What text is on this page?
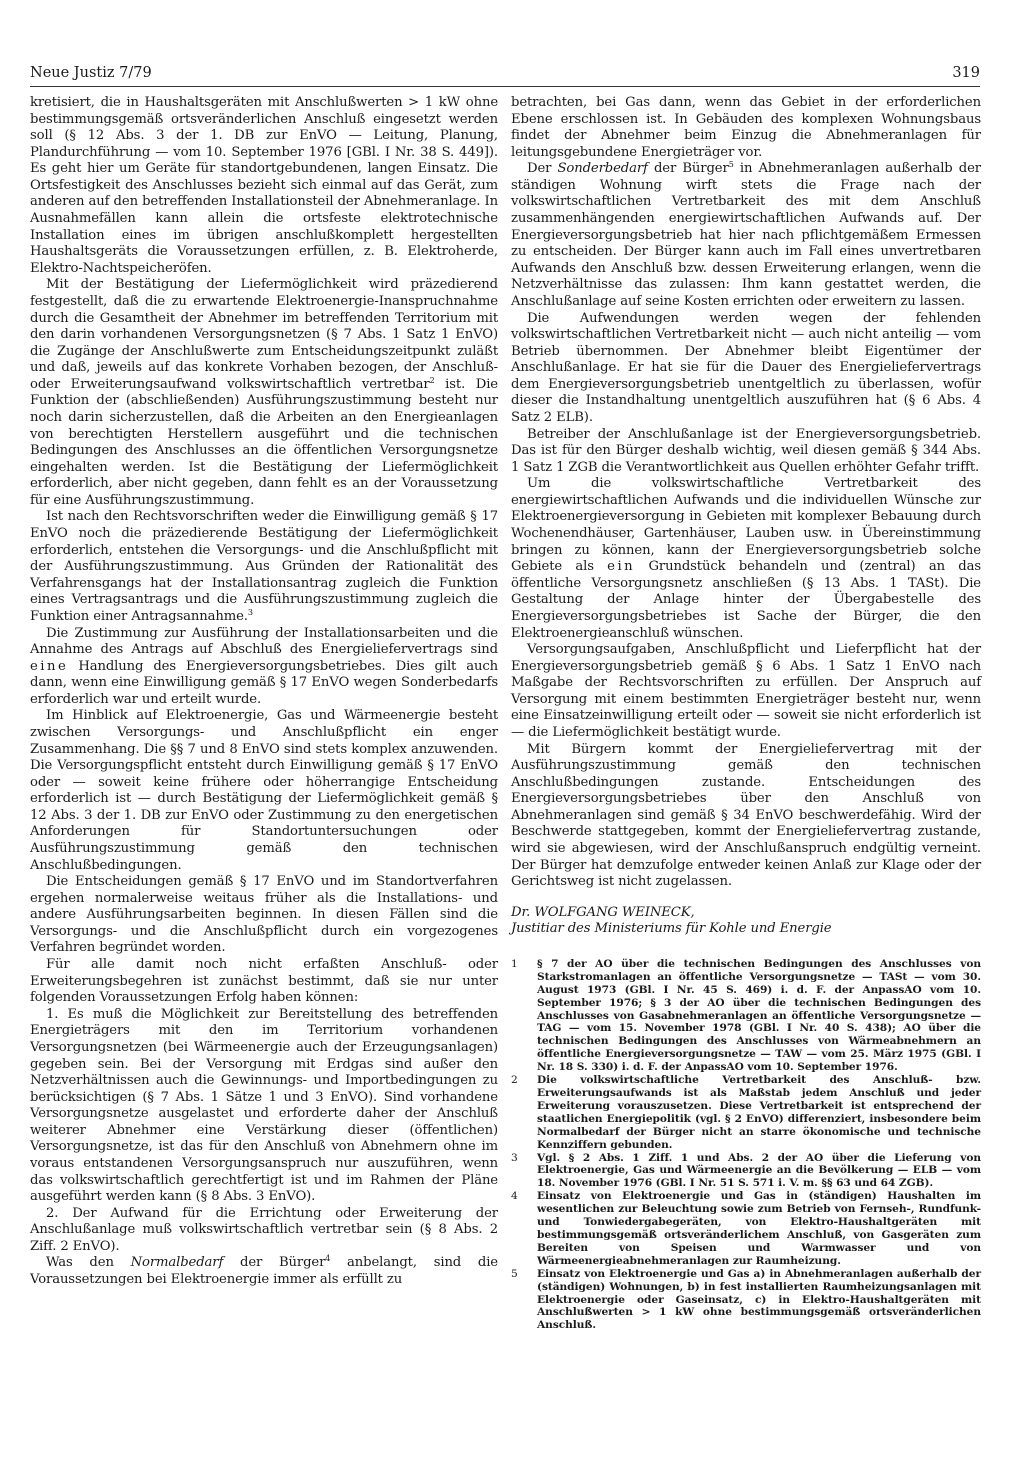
Neue Justiz 7/79	319

kretisiert, die in Haushaltsgeräten mit Anschlußwerten > 1 kW ohne bestimmungsgemäß ortsveränderlichen Anschluß eingesetzt werden soll (§ 12 Abs. 3 der 1. DB zur EnVO — Leitung, Planung, Plandurchführung — vom 10. September 1976 [GBl. I Nr. 38 S. 449]). Es geht hier um Geräte für standortgebundenen, langen Einsatz. Die Ortsfestigkeit des Anschlusses bezieht sich einmal auf das Gerät, zum anderen auf den betreffenden Installationsteil der Abnehmeranlage. In Ausnahmefällen kann allein die ortsfeste elektrotechnische Installation eines im übrigen anschlußkomplett hergestellten Haushaltsgeräts die Voraussetzungen erfüllen, z. B. Elektroherde, Elektro-Nachtspeicheröfen.

Mit der Bestätigung der Liefermöglichkeit wird präzedierend festgestellt, daß die zu erwartende Elektroenergie-Inanspruchnahme durch die Gesamtheit der Abnehmer im betreffenden Territorium mit den darin vorhandenen Versorgungsnetzen (§ 7 Abs. 1 Satz 1 EnVO) die Zugänge der Anschlußwerte zum Entscheidungszeitpunkt zuläßt und daß, jeweils auf das konkrete Vorhaben bezogen, der Anschluß- oder Erweiterungsaufwand volkswirtschaftlich vertretbar$^2$ ist. Die Funktion der (abschließenden) Ausführungszustimmung besteht nur noch darin sicherzustellen, daß die Arbeiten an den Energieanlagen von berechtigten Herstellern ausgeführt und die technischen Bedingungen des Anschlusses an die öffentlichen Versorgungsnetze eingehalten werden. Ist die Bestätigung der Liefermöglichkeit erforderlich, aber nicht gegeben, dann fehlt es an der Voraussetzung für eine Ausführungszustimmung.

Ist nach den Rechtsvorschriften weder die Einwilligung gemäß § 17 EnVO noch die präzedierende Bestätigung der Liefermöglichkeit erforderlich, entstehen die Versorgungs- und die Anschlußpflicht mit der Ausführungszustimmung. Aus Gründen der Rationalität des Verfahrensgangs hat der Installationsantrag zugleich die Funktion eines Vertragsantrags und die Ausführungszustimmung zugleich die Funktion einer Antragsannahme.$^3$

Die Zustimmung zur Ausführung der Installationsarbeiten und die Annahme des Antrags auf Abschluß des Energieliefervertrags sind eine Handlung des Energieversorgungsbetriebes. Dies gilt auch dann, wenn eine Einwilligung gemäß § 17 EnVO wegen Sonderbedarfs erforderlich war und erteilt wurde.

Im Hinblick auf Elektroenergie, Gas und Wärmeenergie besteht zwischen Versorgungs- und Anschlußpflicht ein enger Zusammenhang. Die §§ 7 und 8 EnVO sind stets komplex anzuwenden. Die Versorgungspflicht entsteht durch Einwilligung gemäß § 17 EnVO oder — soweit keine frühere oder höherrangige Entscheidung erforderlich ist — durch Bestätigung der Liefermöglichkeit gemäß § 12 Abs. 3 der 1. DB zur EnVO oder Zustimmung zu den energetischen Anforderungen für Standortuntersuchungen oder Ausführungszustimmung gemäß den technischen Anschlußbedingungen.

Die Entscheidungen gemäß § 17 EnVO und im Standortverfahren ergehen normalerweise weitaus früher als die Installations- und andere Ausführungsarbeiten beginnen. In diesen Fällen sind die Versorgungs- und die Anschlußpflicht durch ein vorgezogenes Verfahren begründet worden.

Für alle damit noch nicht erfaßten Anschluß- oder Erweiterungsbegehren ist zunächst bestimmt, daß sie nur unter folgenden Voraussetzungen Erfolg haben können:

1. Es muß die Möglichkeit zur Bereitstellung des betreffenden Energieträgers mit den im Territorium vorhandenen Versorgungsnetzen (bei Wärmeenergie auch der Erzeugungsanlagen) gegeben sein. Bei der Versorgung mit Erdgas sind außer den Netzverhältnissen auch die Gewinnungs- und Importbedingungen zu berücksichtigen (§ 7 Abs. 1 Sätze 1 und 3 EnVO). Sind vorhandene Versorgungsnetze ausgelastet und erforderte daher der Anschluß weiterer Abnehmer eine Verstärkung dieser (öffentlichen) Versorgungsnetze, ist das für den Anschluß von Abnehmern ohne im voraus entstandenen Versorgungsanspruch nur auszuführen, wenn das volkswirtschaftlich gerechtfertigt ist und im Rahmen der Pläne ausgeführt werden kann (§ 8 Abs. 3 EnVO).

2. Der Aufwand für die Errichtung oder Erweiterung der Anschlußanlage muß volkswirtschaftlich vertretbar sein (§ 8 Abs. 2 Ziff. 2 EnVO).

Was den Normalbedarf der Bürger$^4$ anbelangt, sind die Voraussetzungen bei Elektroenergie immer als erfüllt zu

betrachten, bei Gas dann, wenn das Gebiet in der erforderlichen Ebene erschlossen ist. In Gebäuden des komplexen Wohnungsbaus findet der Abnehmer beim Einzug die Abnehmeranlagen für leitungsgebundene Energieträger vor.

Der Sonderbedarf der Bürger$^5$ in Abnehmeranlagen außerhalb der ständigen Wohnung wirft stets die Frage nach der volkswirtschaftlichen Vertretbarkeit des mit dem Anschluß zusammenhängenden energiewirtschaftlichen Aufwands auf. Der Energieversorgungsbetrieb hat hier nach pflichtgemäßem Ermessen zu entscheiden. Der Bürger kann auch im Fall eines unvertretbaren Aufwands den Anschluß bzw. dessen Erweiterung erlangen, wenn die Netzverhältnisse das zulassen: Ihm kann gestattet werden, die Anschlußanlage auf seine Kosten errichten oder erweitern zu lassen.

Die Aufwendungen werden wegen der fehlenden volkswirtschaftlichen Vertretbarkeit nicht — auch nicht anteilig — vom Betrieb übernommen. Der Abnehmer bleibt Eigentümer der Anschlußanlage. Er hat sie für die Dauer des Energieliefervertrags dem Energieversorgungsbetrieb unentgeltlich zu überlassen, wofür dieser die Instandhaltung unentgeltlich auszuführen hat (§ 6 Abs. 4 Satz 2 ELB).

Betreiber der Anschlußanlage ist der Energieversorgungsbetrieb. Das ist für den Bürger deshalb wichtig, weil diesen gemäß § 344 Abs. 1 Satz 1 ZGB die Verantwortlichkeit aus Quellen erhöhter Gefahr trifft.

Um die volkswirtschaftliche Vertretbarkeit des energiewirtschaftlichen Aufwands und die individuellen Wünsche zur Elektroenergieversorgung in Gebieten mit komplexer Bebauung durch Wochenendhäuser, Gartenhäuser, Lauben usw. in Übereinstimmung bringen zu können, kann der Energieversorgungsbetrieb solche Gebiete als ein Grundstück behandeln und (zentral) an das öffentliche Versorgungsnetz anschließen (§ 13 Abs. 1 TASt). Die Gestaltung der Anlage hinter der Übergabestelle des Energieversorgungsbetriebes ist Sache der Bürger, die den Elektroenergieanschluß wünschen.

Versorgungsaufgaben, Anschlußpflicht und Lieferpflicht hat der Energieversorgungsbetrieb gemäß § 6 Abs. 1 Satz 1 EnVO nach Maßgabe der Rechtsvorschriften zu erfüllen. Der Anspruch auf Versorgung mit einem bestimmten Energieträger besteht nur, wenn eine Einsatzeinwilligung erteilt oder — soweit sie nicht erforderlich ist — die Liefermöglichkeit bestätigt wurde.

Mit Bürgern kommt der Energieliefervertrag mit der Ausführungszustimmung gemäß den technischen Anschlußbedingungen zustande. Entscheidungen des Energieversorgungsbetriebes über den Anschluß von Abnehmeranlagen sind gemäß § 34 EnVO beschwerdefähig. Wird der Beschwerde stattgegeben, kommt der Energieliefervertrag zustande, wird sie abgewiesen, wird der Anschlußanspruch endgültig verneint. Der Bürger hat demzufolge entweder keinen Anlaß zur Klage oder der Gerichtsweg ist nicht zugelassen.

Dr. WOLFGANG WEINECK,
Justitiar des Ministeriums für Kohle und Energie
1	§ 7 der AO über die technischen Bedingungen des Anschlusses von Starkstromanlagen an öffentliche Versorgungsnetze — TASt — vom 30. August 1973 (GBl. I Nr. 45 S. 469) i. d. F. der AnpassAO vom 10. September 1976; § 3 der AO über die technischen Bedingungen des Anschlusses von Gasabnehmeranlagen an öffentliche Versorgungsnetze — TAG — vom 15. November 1978 (GBl. I Nr. 40 S. 438); AO über die technischen Bedingungen des Anschlusses von Wärmeabnehmern an öffentliche Energieversorgungsnetze — TAW — vom 25. März 1975 (GBl. I Nr. 18 S. 330) i. d. F. der AnpassAO vom 10. September 1976.
2	Die volkswirtschaftliche Vertretbarkeit des Anschluß- bzw. Erweiterungsaufwands ist als Maßstab jedem Anschluß und jeder Erweiterung vorauszusetzen. Diese Vertretbarkeit ist entsprechend der staatlichen Energiepolitik (vgl. § 2 EnVO) differenziert, insbesondere beim Normalbedarf der Bürger nicht an starre ökonomische und technische Kennziffern gebunden.
3	Vgl. § 2 Abs. 1 Ziff. 1 und Abs. 2 der AO über die Lieferung von Elektroenergie, Gas und Wärmeenergie an die Bevölkerung — ELB — vom 18. November 1976 (GBl. I Nr. 51 S. 571 i. V. m. §§ 63 und 64 ZGB).
4	Einsatz von Elektroenergie und Gas in (ständigen) Haushalten im wesentlichen zur Beleuchtung sowie zum Betrieb von Fernseh-, Rundfunk- und Tonwiedergabegeräten, von Elektro-Haushaltgeräten mit bestimmungsgemäß ortsveränderlichem Anschluß, von Gasgeräten zum Bereiten von Speisen und Warmwasser und von Wärmeenergieabnehmeranlagen zur Raumheizung.
5	Einsatz von Elektroenergie und Gas a) in Abnehmeranlagen außerhalb der (ständigen) Wohnungen, b) in fest installierten Raumheizungsanlagen mit Elektroenergie oder Gaseinsatz, c) in Elektro-Haushaltgeräten mit Anschlußwerten > 1 kW ohne bestimmungsgemäß ortsveränderlichen Anschluß.
